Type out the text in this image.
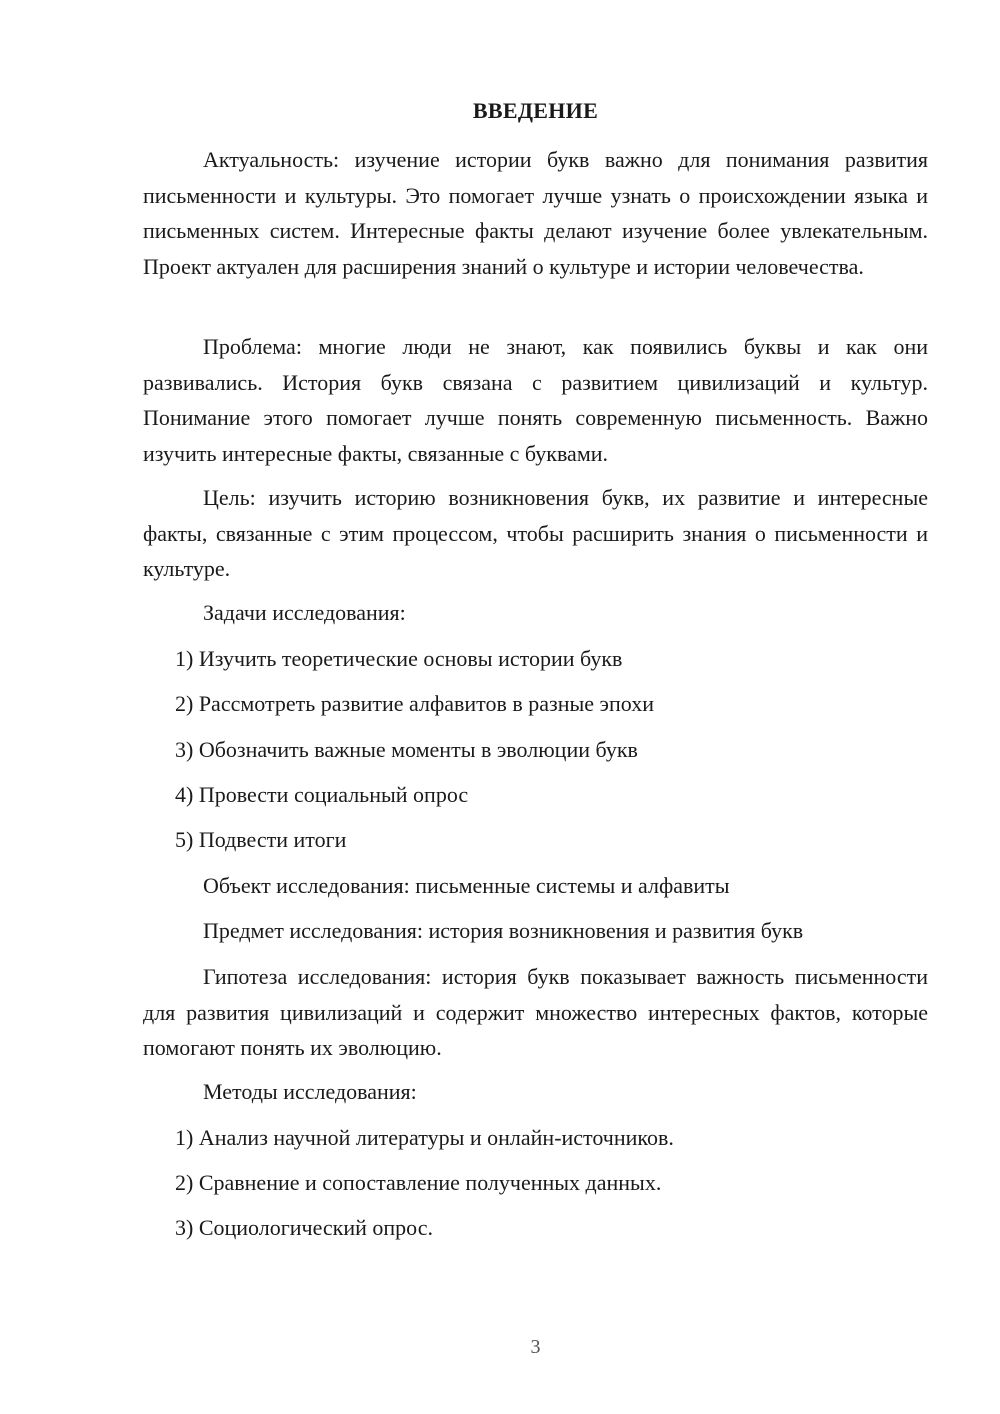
ВВЕДЕНИЕ

Актуальность: изучение истории букв важно для понимания развития письменности и культуры. Это помогает лучше узнать о происхождении языка и письменных систем. Интересные факты делают изучение более увлекательным. Проект актуален для расширения знаний о культуре и истории человечества.

Проблема: многие люди не знают, как появились буквы и как они развивались. История букв связана с развитием цивилизаций и культур. Понимание этого помогает лучше понять современную письменность. Важно изучить интересные факты, связанные с буквами.

Цель: изучить историю возникновения букв, их развитие и интересные факты, связанные с этим процессом, чтобы расширить знания о письменности и культуре.

Задачи исследования:

1) Изучить теоретические основы истории букв

2) Рассмотреть развитие алфавитов в разные эпохи

3) Обозначить важные моменты в эволюции букв

4) Провести социальный опрос

5) Подвести итоги

Объект исследования: письменные системы и алфавиты

Предмет исследования: история возникновения и развития букв

Гипотеза исследования: история букв показывает важность письменности для развития цивилизаций и содержит множество интересных фактов, которые помогают понять их эволюцию.

Методы исследования:

1) Анализ научной литературы и онлайн-источников.

2) Сравнение и сопоставление полученных данных.

3) Социологический опрос.

3
